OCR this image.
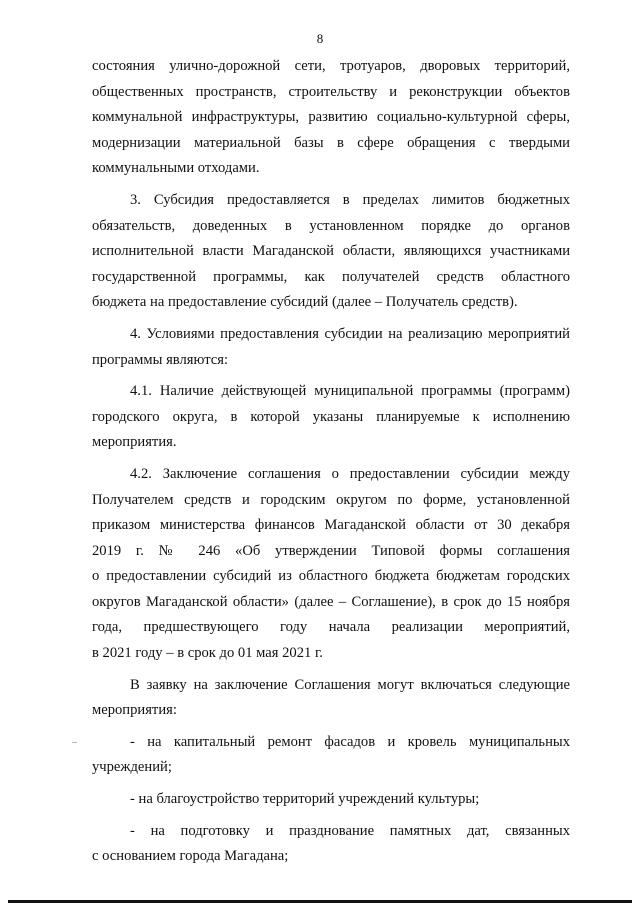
8
состояния улично-дорожной сети, тротуаров, дворовых территорий,
общественных пространств, строительству и реконструкции объектов
коммунальной инфраструктуры, развитию социально-культурной сферы,
модернизации материальной базы в сфере обращения с твердыми
коммунальными отходами.
3. Субсидия предоставляется в пределах лимитов бюджетных
обязательств, доведенных в установленном порядке до органов
исполнительной власти Магаданской области, являющихся участниками
государственной программы, как получателей средств областного
бюджета на предоставление субсидий (далее – Получатель средств).
4. Условиями предоставления субсидии на реализацию мероприятий
программы являются:
4.1. Наличие действующей муниципальной программы (программ)
городского округа, в которой указаны планируемые к исполнению
мероприятия.
4.2. Заключение соглашения о предоставлении субсидии между
Получателем средств и городским округом по форме, установленной
приказом министерства финансов Магаданской области от 30 декабря
2019 г. № 246 «Об утверждении Типовой формы соглашения
о предоставлении субсидий из областного бюджета бюджетам городских
округов Магаданской области» (далее – Соглашение), в срок до 15 ноября
года, предшествующего году начала реализации мероприятий,
в 2021 году – в срок до 01 мая 2021 г.
В заявку на заключение Соглашения могут включаться следующие
мероприятия:
- на капитальный ремонт фасадов и кровель муниципальных
учреждений;
- на благоустройство территорий учреждений культуры;
- на подготовку и празднование памятных дат, связанных
с основанием города Магадана;
